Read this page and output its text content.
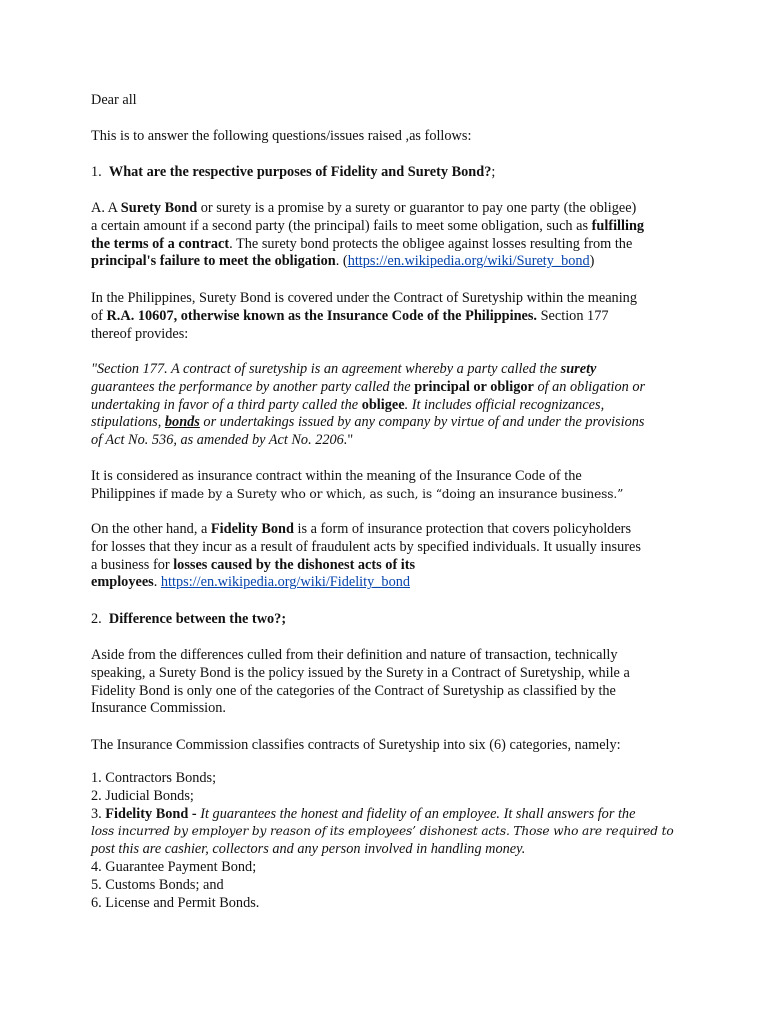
Dear all

This is to answer the following questions/issues raised ,as follows:

1. What are the respective purposes of Fidelity and Surety Bond?;

A. A Surety Bond or surety is a promise by a surety or guarantor to pay one party (the obligee)
a certain amount if a second party (the principal) fails to meet some obligation, such as fulfilling
the terms of a contract. The surety bond protects the obligee against losses resulting from the
principal's failure to meet the obligation. (https://en.wikipedia.org/wiki/Surety_bond)

In the Philippines, Surety Bond is covered under the Contract of Suretyship within the meaning
of R.A. 10607, otherwise known as the Insurance Code of the Philippines. Section 177
thereof provides:

"Section 177. A contract of suretyship is an agreement whereby a party called the surety
guarantees the performance by another party called the principal or obligor of an obligation or
undertaking in favor of a third party called the obligee. It includes official recognizances,
stipulations, bonds or undertakings issued by any company by virtue of and under the provisions
of Act No. 536, as amended by Act No. 2206."

It is considered as insurance contract within the meaning of the Insurance Code of the
Philippines if made by a Surety who or which, as such, is “doing an insurance business.”

On the other hand, a Fidelity Bond is a form of insurance protection that covers policyholders
for losses that they incur as a result of fraudulent acts by specified individuals. It usually insures
a business for losses caused by the dishonest acts of its
employees. https://en.wikipedia.org/wiki/Fidelity_bond

2. Difference between the two?;

Aside from the differences culled from their definition and nature of transaction, technically
speaking, a Surety Bond is the policy issued by the Surety in a Contract of Suretyship, while a
Fidelity Bond is only one of the categories of the Contract of Suretyship as classified by the
Insurance Commission.

The Insurance Commission classifies contracts of Suretyship into six (6) categories, namely:

1. Contractors Bonds;
2. Judicial Bonds;
3. Fidelity Bond - It guarantees the honest and fidelity of an employee. It shall answers for the
loss incurred by employer by reason of its employees’ dishonest acts. Those who are required to
post this are cashier, collectors and any person involved in handling money.
4. Guarantee Payment Bond;
5. Customs Bonds; and
6. License and Permit Bonds.
